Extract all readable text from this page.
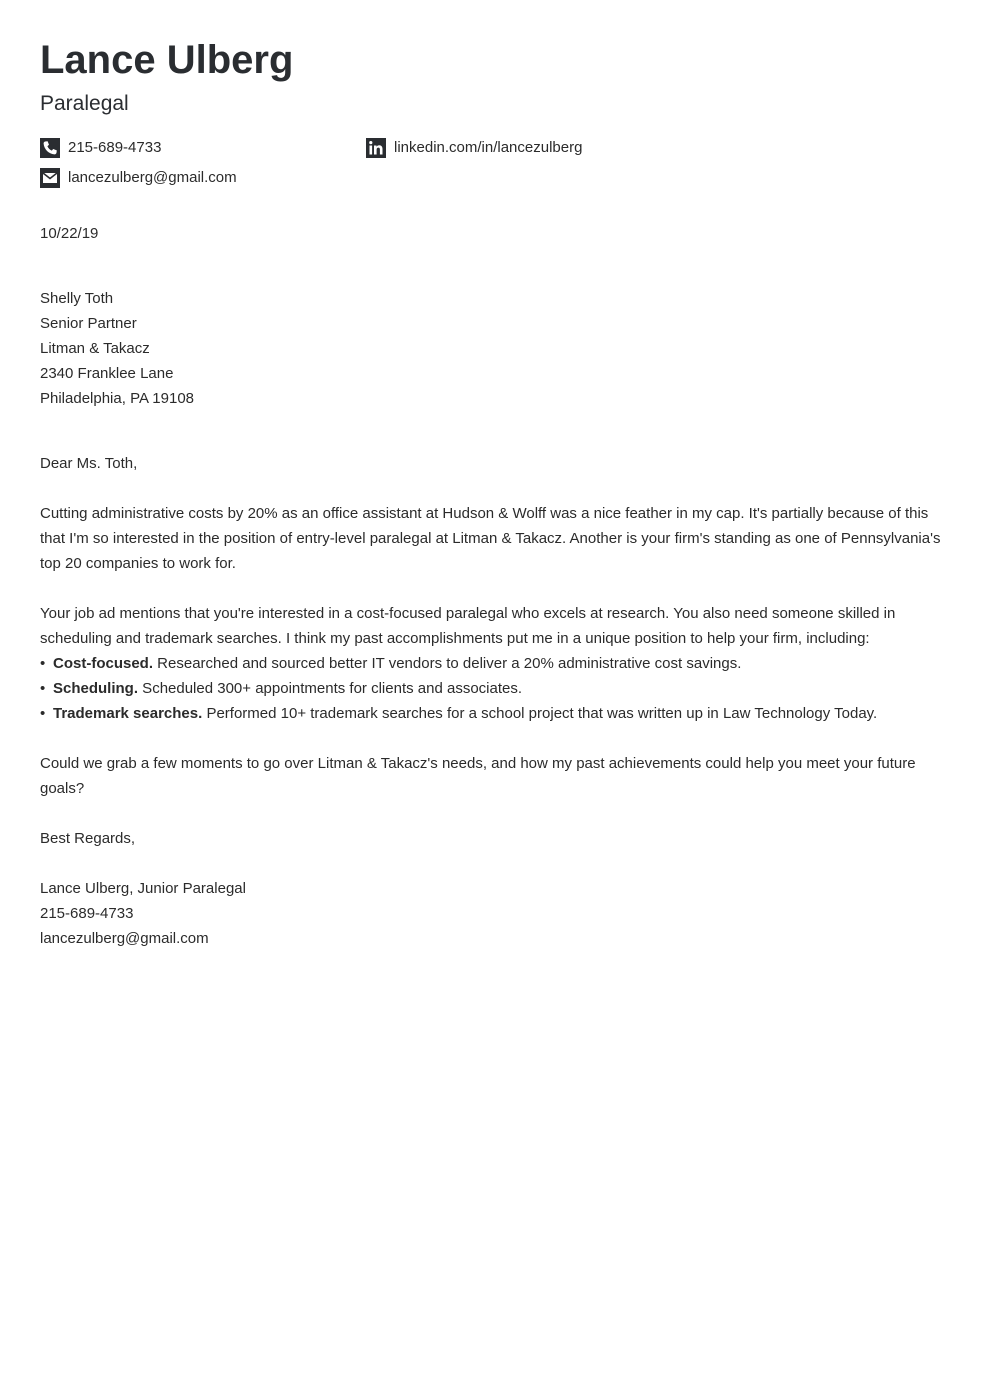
Lance Ulberg
Paralegal
215-689-4733
lancezulberg@gmail.com
linkedin.com/in/lancezulberg
10/22/19
Shelly Toth
Senior Partner
Litman & Takacz
2340 Franklee Lane
Philadelphia, PA 19108
Dear Ms. Toth,
Cutting administrative costs by 20% as an office assistant at Hudson & Wolff was a nice feather in my cap. It's partially because of this that I'm so interested in the position of entry-level paralegal at Litman & Takacz. Another is your firm's standing as one of Pennsylvania's top 20 companies to work for.
Your job ad mentions that you're interested in a cost-focused paralegal who excels at research. You also need someone skilled in scheduling and trademark searches. I think my past accomplishments put me in a unique position to help your firm, including:
• Cost-focused. Researched and sourced better IT vendors to deliver a 20% administrative cost savings.
• Scheduling. Scheduled 300+ appointments for clients and associates.
• Trademark searches. Performed 10+ trademark searches for a school project that was written up in Law Technology Today.
Could we grab a few moments to go over Litman & Takacz's needs, and how my past achievements could help you meet your future goals?
Best Regards,
Lance Ulberg, Junior Paralegal
215-689-4733
lancezulberg@gmail.com
